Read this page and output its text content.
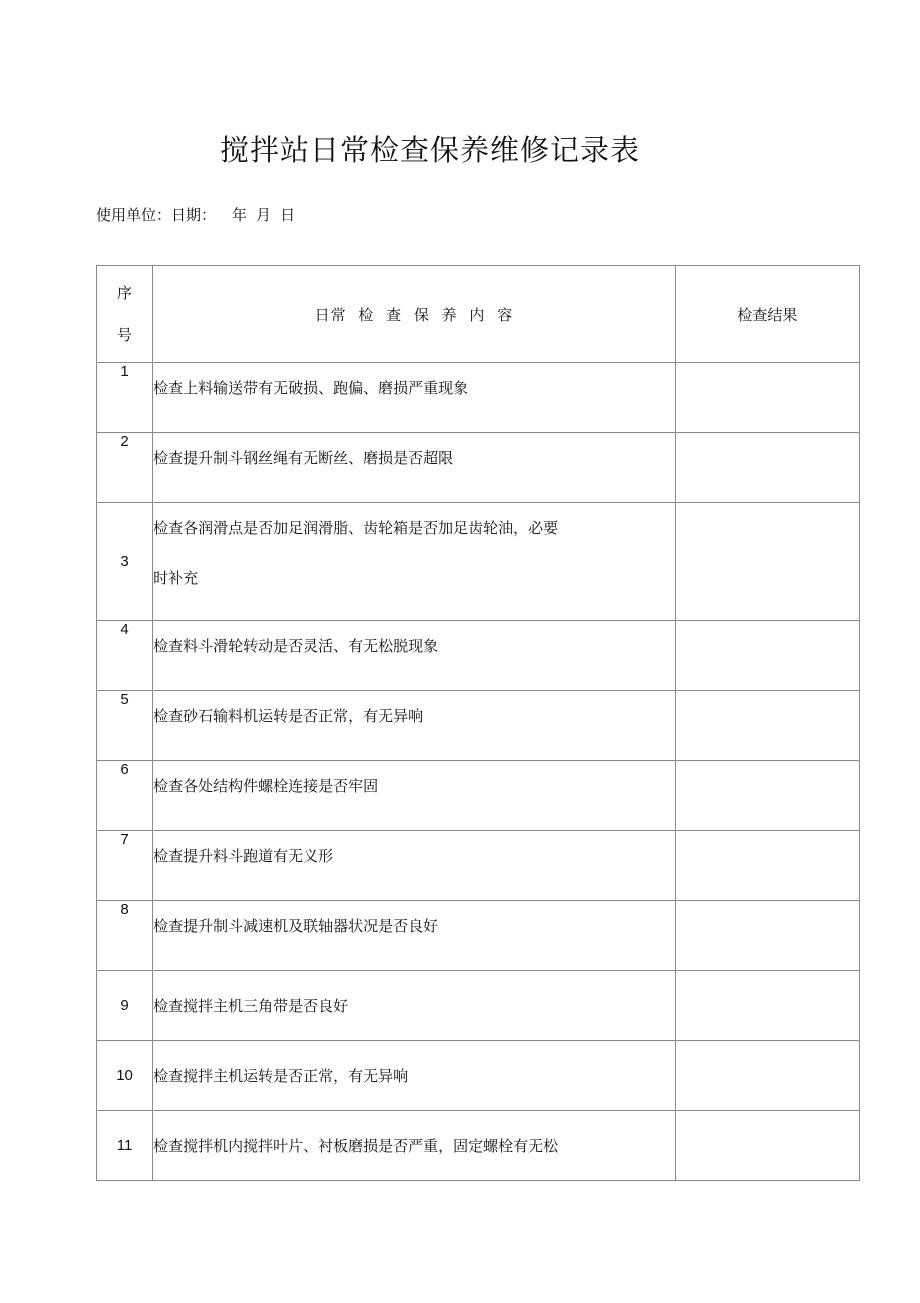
搅拌站日常检查保养维修记录表
使用单位：日期： 年 月 日
序
号	日常 检 查 保 养 内 容	检查结果
1	检查上料输送带有无破损、跑偏、磨损严重现象	
2	检查提升制斗钢丝绳有无断丝、磨损是否超限	
3	检查各润滑点是否加足润滑脂、齿轮箱是否加足齿轮油，必要
时补充	

4	检查料斗滑轮转动是否灵活、有无松脱现象	
5	检查砂石输料机运转是否正常，有无异响	
6	检查各处结构件螺栓连接是否牢固	
7	检查提升料斗跑道有无义形	
8	检查提升制斗减速机及联轴器状况是否良好	
9	检查搅拌主机三角带是否良好	
10	检查搅拌主机运转是否正常，有无异响	
11	检查搅拌机内搅拌叶片、衬板磨损是否严重，固定螺栓有无松	
